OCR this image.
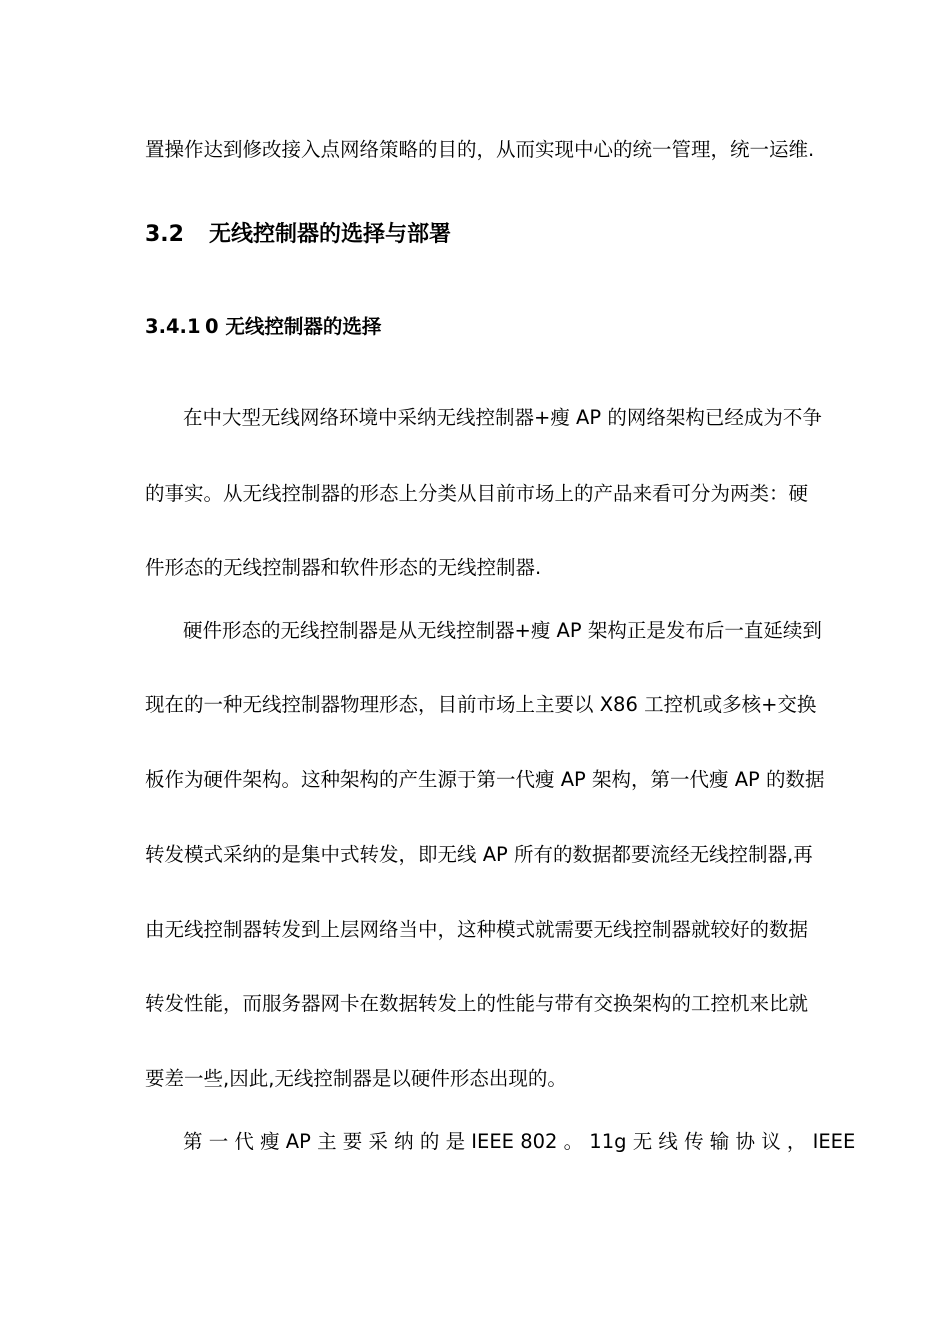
置操作达到修改接入点网络策略的目的，从而实现中心的统一管理，统一运维.
3.2 无线控制器的选择与部署
3.4.1 0 无线控制器的选择
在中大型无线网络环境中采纳无线控制器+瘦 AP 的网络架构已经成为不争
的事实。从无线控制器的形态上分类从目前市场上的产品来看可分为两类：硬
件形态的无线控制器和软件形态的无线控制器.
硬件形态的无线控制器是从无线控制器+瘦 AP 架构正是发布后一直延续到
现在的一种无线控制器物理形态，目前市场上主要以 X86 工控机或多核+交换
板作为硬件架构。这种架构的产生源于第一代瘦 AP 架构，第一代瘦 AP 的数据
转发模式采纳的是集中式转发，即无线 AP 所有的数据都要流经无线控制器,再
由无线控制器转发到上层网络当中，这种模式就需要无线控制器就较好的数据
转发性能，而服务器网卡在数据转发上的性能与带有交换架构的工控机来比就
要差一些,因此,无线控制器是以硬件形态出现的。
第 一 代 瘦 AP 主 要 采 纳 的 是 IEEE 802 。 11g 无 线 传 输 协 议 ， IEEE
